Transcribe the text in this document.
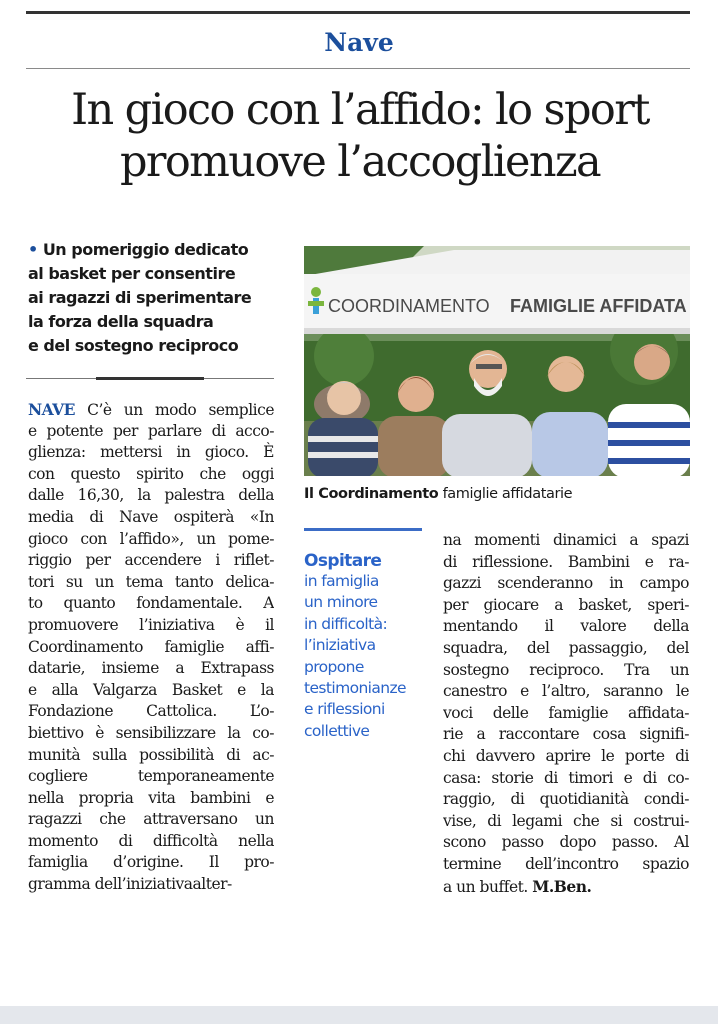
Nave
In gioco con l’affido: lo sport
promuove l’accoglienza
• Un pomeriggio dedicato
al basket per consentire
ai ragazzi di sperimentare
la forza della squadra
e del sostegno reciproco
NAVE C’è un modo semplice
e potente per parlare di acco-
glienza: mettersi in gioco. È
con questo spirito che oggi
dalle 16,30, la palestra della
media di Nave ospiterà «In
gioco con l’affido», un pome-
riggio per accendere i riflet-
tori su un tema tanto delica-
to quanto fondamentale. A
promuovere l’iniziativa è il
Coordinamento famiglie affi-
datarie, insieme a Extrapass
e alla Valgarza Basket e la
Fondazione Cattolica. L’o-
biettivo è sensibilizzare la co-
munità sulla possibilità di ac-
cogliere temporaneamente
nella propria vita bambini e
ragazzi che attraversano un
momento di difficoltà nella
famiglia d’origine. Il pro-
gramma dell’iniziativaalter-
COORDINAMENTO FAMIGLIE AFFIDATA
Il Coordinamento famiglie affidatarie
Ospitare
in famiglia
un minore
in difficoltà:
l’iniziativa
propone
testimonianze
e riflessioni
collettive
na momenti dinamici a spazi
di riflessione. Bambini e ra-
gazzi scenderanno in campo
per giocare a basket, speri-
mentando il valore della
squadra, del passaggio, del
sostegno reciproco. Tra un
canestro e l’altro, saranno le
voci delle famiglie affidata-
rie a raccontare cosa signifi-
chi davvero aprire le porte di
casa: storie di timori e di co-
raggio, di quotidianità condi-
vise, di legami che si costrui-
scono passo dopo passo. Al
termine dell’incontro spazio
a un buffet. M.Ben.
